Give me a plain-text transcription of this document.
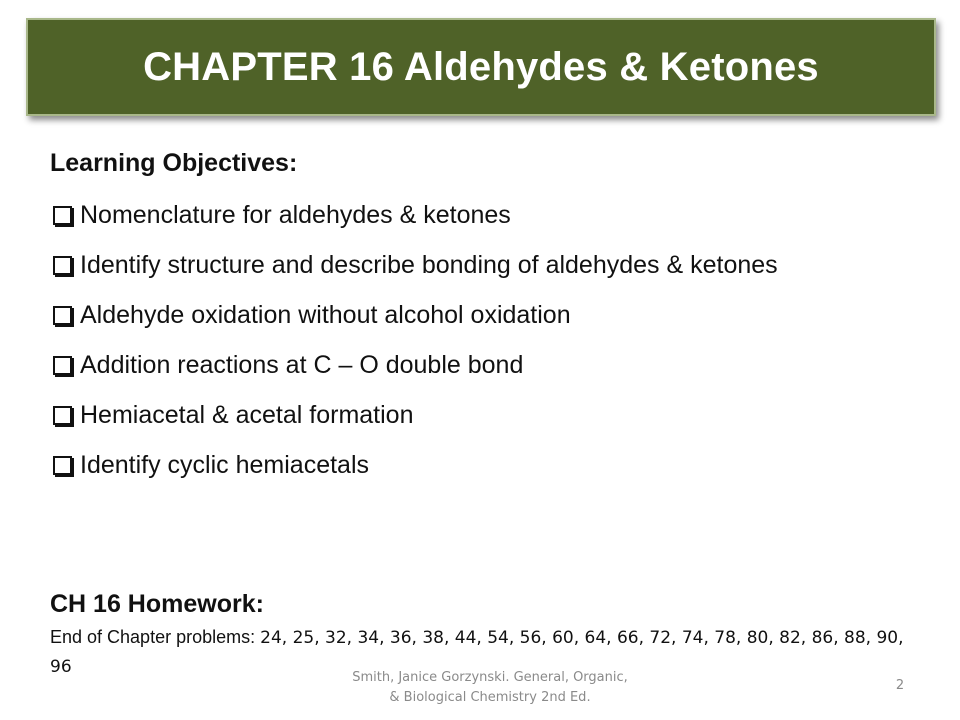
CHAPTER 16 Aldehydes & Ketones
Learning Objectives:
Nomenclature for aldehydes & ketones
Identify structure and describe bonding of aldehydes & ketones
Aldehyde oxidation without alcohol oxidation
Addition reactions at C – O double bond
Hemiacetal & acetal formation
Identify cyclic hemiacetals
CH 16 Homework:
End of Chapter problems: 24, 25, 32, 34, 36, 38, 44, 54, 56, 60, 64, 66, 72, 74, 78, 80, 82, 86, 88, 90, 96
Smith, Janice Gorzynski. General, Organic,
& Biological Chemistry 2nd Ed.
2
